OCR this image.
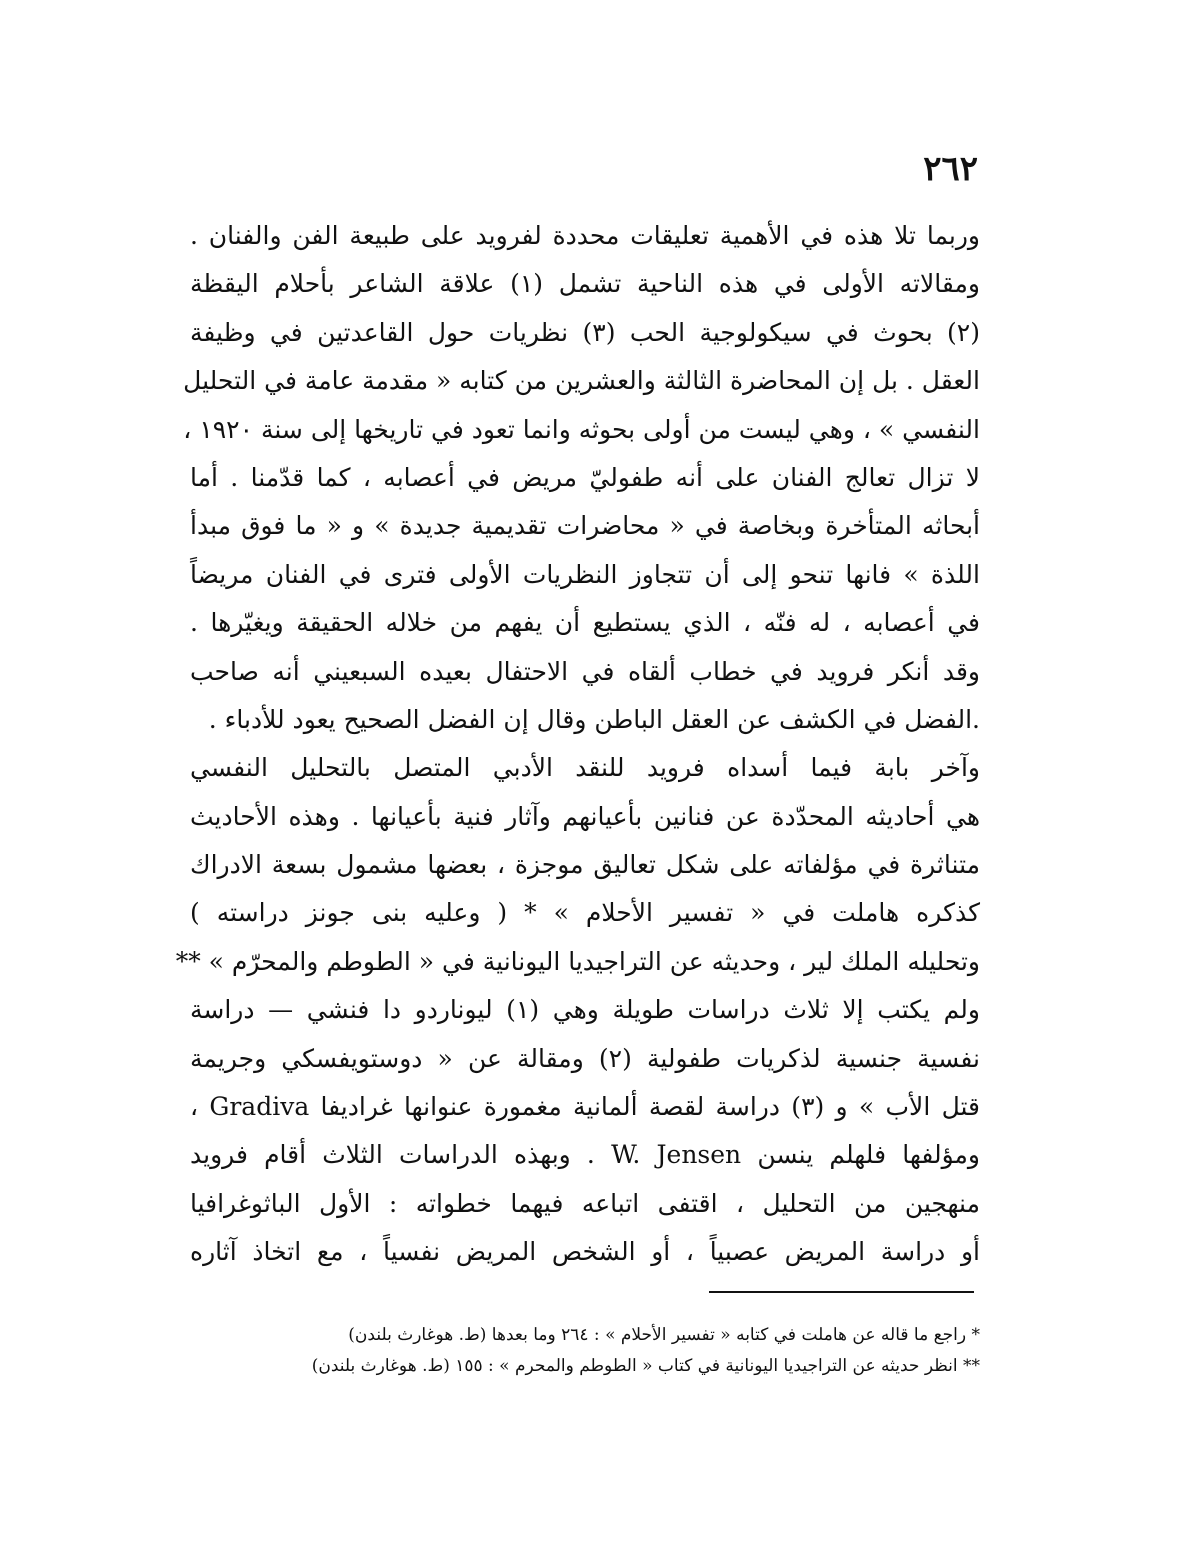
٢٦٢
وربما تلا هذه في الأهمية تعليقات محددة لفرويد على طبيعة الفن والفنان .
ومقالاته الأولى في هذه الناحية تشمل (١) علاقة الشاعر بأحلام اليقظة
(٢) بحوث في سيكولوجية الحب (٣) نظريات حول القاعدتين في وظيفة
العقل . بل إن المحاضرة الثالثة والعشرين من كتابه « مقدمة عامة في التحليل
النفسي » ، وهي ليست من أولى بحوثه وانما تعود في تاريخها إلى سنة ١٩٢٠ ،
لا تزال تعالج الفنان على أنه طفوليّ مريض في أعصابه ، كما قدّمنا . أما
أبحاثه المتأخرة وبخاصة في « محاضرات تقديمية جديدة » و « ما فوق مبدأ
اللذة » فانها تنحو إلى أن تتجاوز النظريات الأولى فترى في الفنان مريضاً
في أعصابه ، له فنّه ، الذي يستطيع أن يفهم من خلاله الحقيقة ويغيّرها .
وقد أنكر فرويد في خطاب ألقاه في الاحتفال بعيده السبعيني أنه صاحب
.الفضل في الكشف عن العقل الباطن وقال إن الفضل الصحيح يعود للأدباء .
وآخر بابة فيما أسداه فرويد للنقد الأدبي المتصل بالتحليل النفسي
هي أحاديثه المحدّدة عن فنانين بأعيانهم وآثار فنية بأعيانها . وهذه الأحاديث
متناثرة في مؤلفاته على شكل تعاليق موجزة ، بعضها مشمول بسعة الادراك
كذكره هاملت في « تفسير الأحلام » * ( وعليه بنى جونز دراسته )
وتحليله الملك لير ، وحديثه عن التراجيديا اليونانية في « الطوطم والمحرّم » **
ولم يكتب إلا ثلاث دراسات طويلة وهي (١) ليوناردو دا فنشي — دراسة
نفسية جنسية لذكريات طفولية (٢) ومقالة عن « دوستويفسكي وجريمة
قتل الأب » و (٣) دراسة لقصة ألمانية مغمورة عنوانها غراديفا Gradiva ،
ومؤلفها فلهلم ينسن W. Jensen . وبهذه الدراسات الثلاث أقام فرويد
منهجين من التحليل ، اقتفى اتباعه فيهما خطواته : الأول الباثوغرافيا
أو دراسة المريض عصبياً ، أو الشخص المريض نفسياً ، مع اتخاذ آثاره
* راجع ما قاله عن هاملت في كتابه « تفسير الأحلام » : ٢٦٤ وما بعدها (ط. هوغارث بلندن)
** انظر حديثه عن التراجيديا اليونانية في كتاب « الطوطم والمحرم » : ١٥٥ (ط. هوغارث بلندن)
